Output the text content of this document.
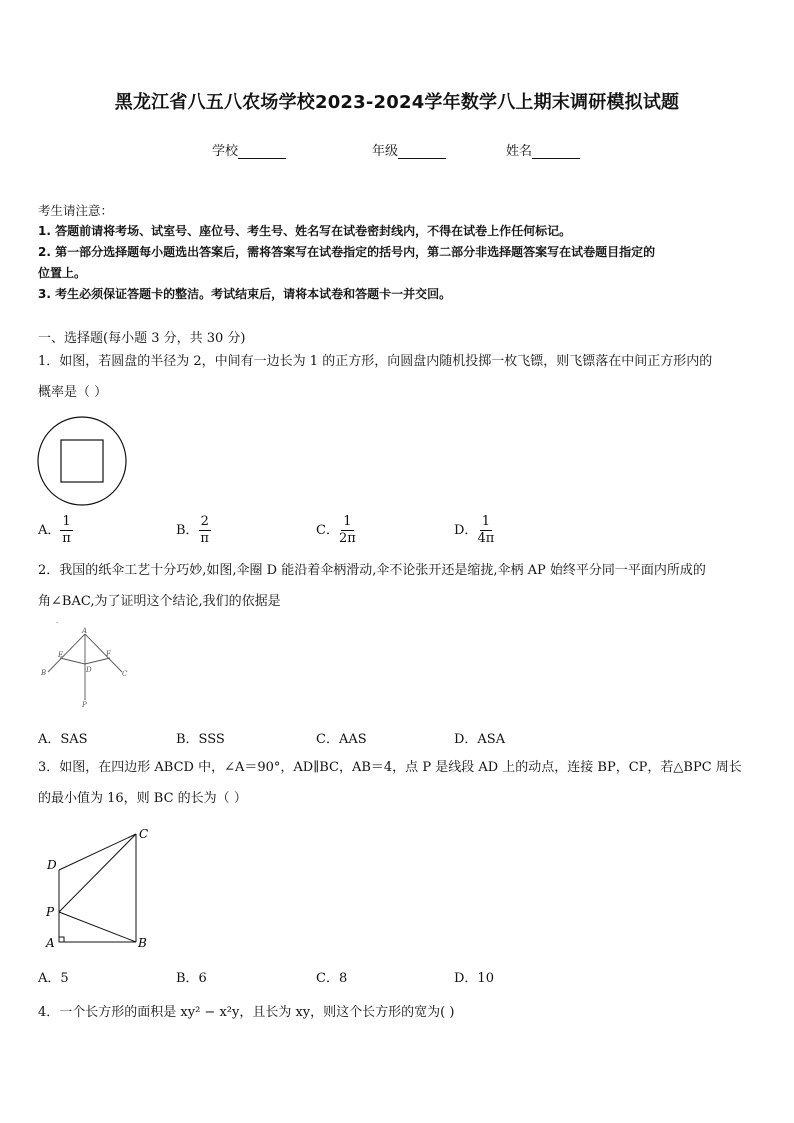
黑龙江省八五八农场学校2023-2024学年数学八上期末调研模拟试题
学校	年级	姓名
考生请注意：
1. 答题前请将考场、试室号、座位号、考生号、姓名写在试卷密封线内，不得在试卷上作任何标记。
2. 第一部分选择题每小题选出答案后，需将答案写在试卷指定的括号内，第二部分非选择题答案写在试卷题目指定的
位置上。
3. 考生必须保证答题卡的整洁。考试结束后，请将本试卷和答题卡一并交回。
一、选择题(每小题 3 分，共 30 分)
1．如图，若圆盘的半径为 2，中间有一边长为 1 的正方形，向圆盘内随机投掷一枚飞镖，则飞镖落在中间正方形内的
概率是（ ）
A． $\frac{1}{\pi}$	B． $\frac{2}{\pi}$	C． $\frac{1}{2\pi}$	D． $\frac{1}{4\pi}$
2．我国的纸伞工艺十分巧妙,如图,伞圈 D 能沿着伞柄滑动,伞不论张开还是缩拢,伞柄 AP 始终平分同一平面内所成的
角∠BAC,为了证明这个结论,我们的依据是
·
A
E	F
B	D	C
P
A．SAS	B．SSS	C．AAS	D．ASA
3．如图，在四边形 ABCD 中，∠A＝90°，AD∥BC，AB＝4，点 P 是线段 AD 上的动点，连接 BP，CP，若△BPC 周长
的最小值为 16，则 BC 的长为（ ）
C
D
P
A	B
A．5	B．6	C．8	D．10
4．一个长方形的面积是 xy² − x²y，且长为 xy，则这个长方形的宽为( )
